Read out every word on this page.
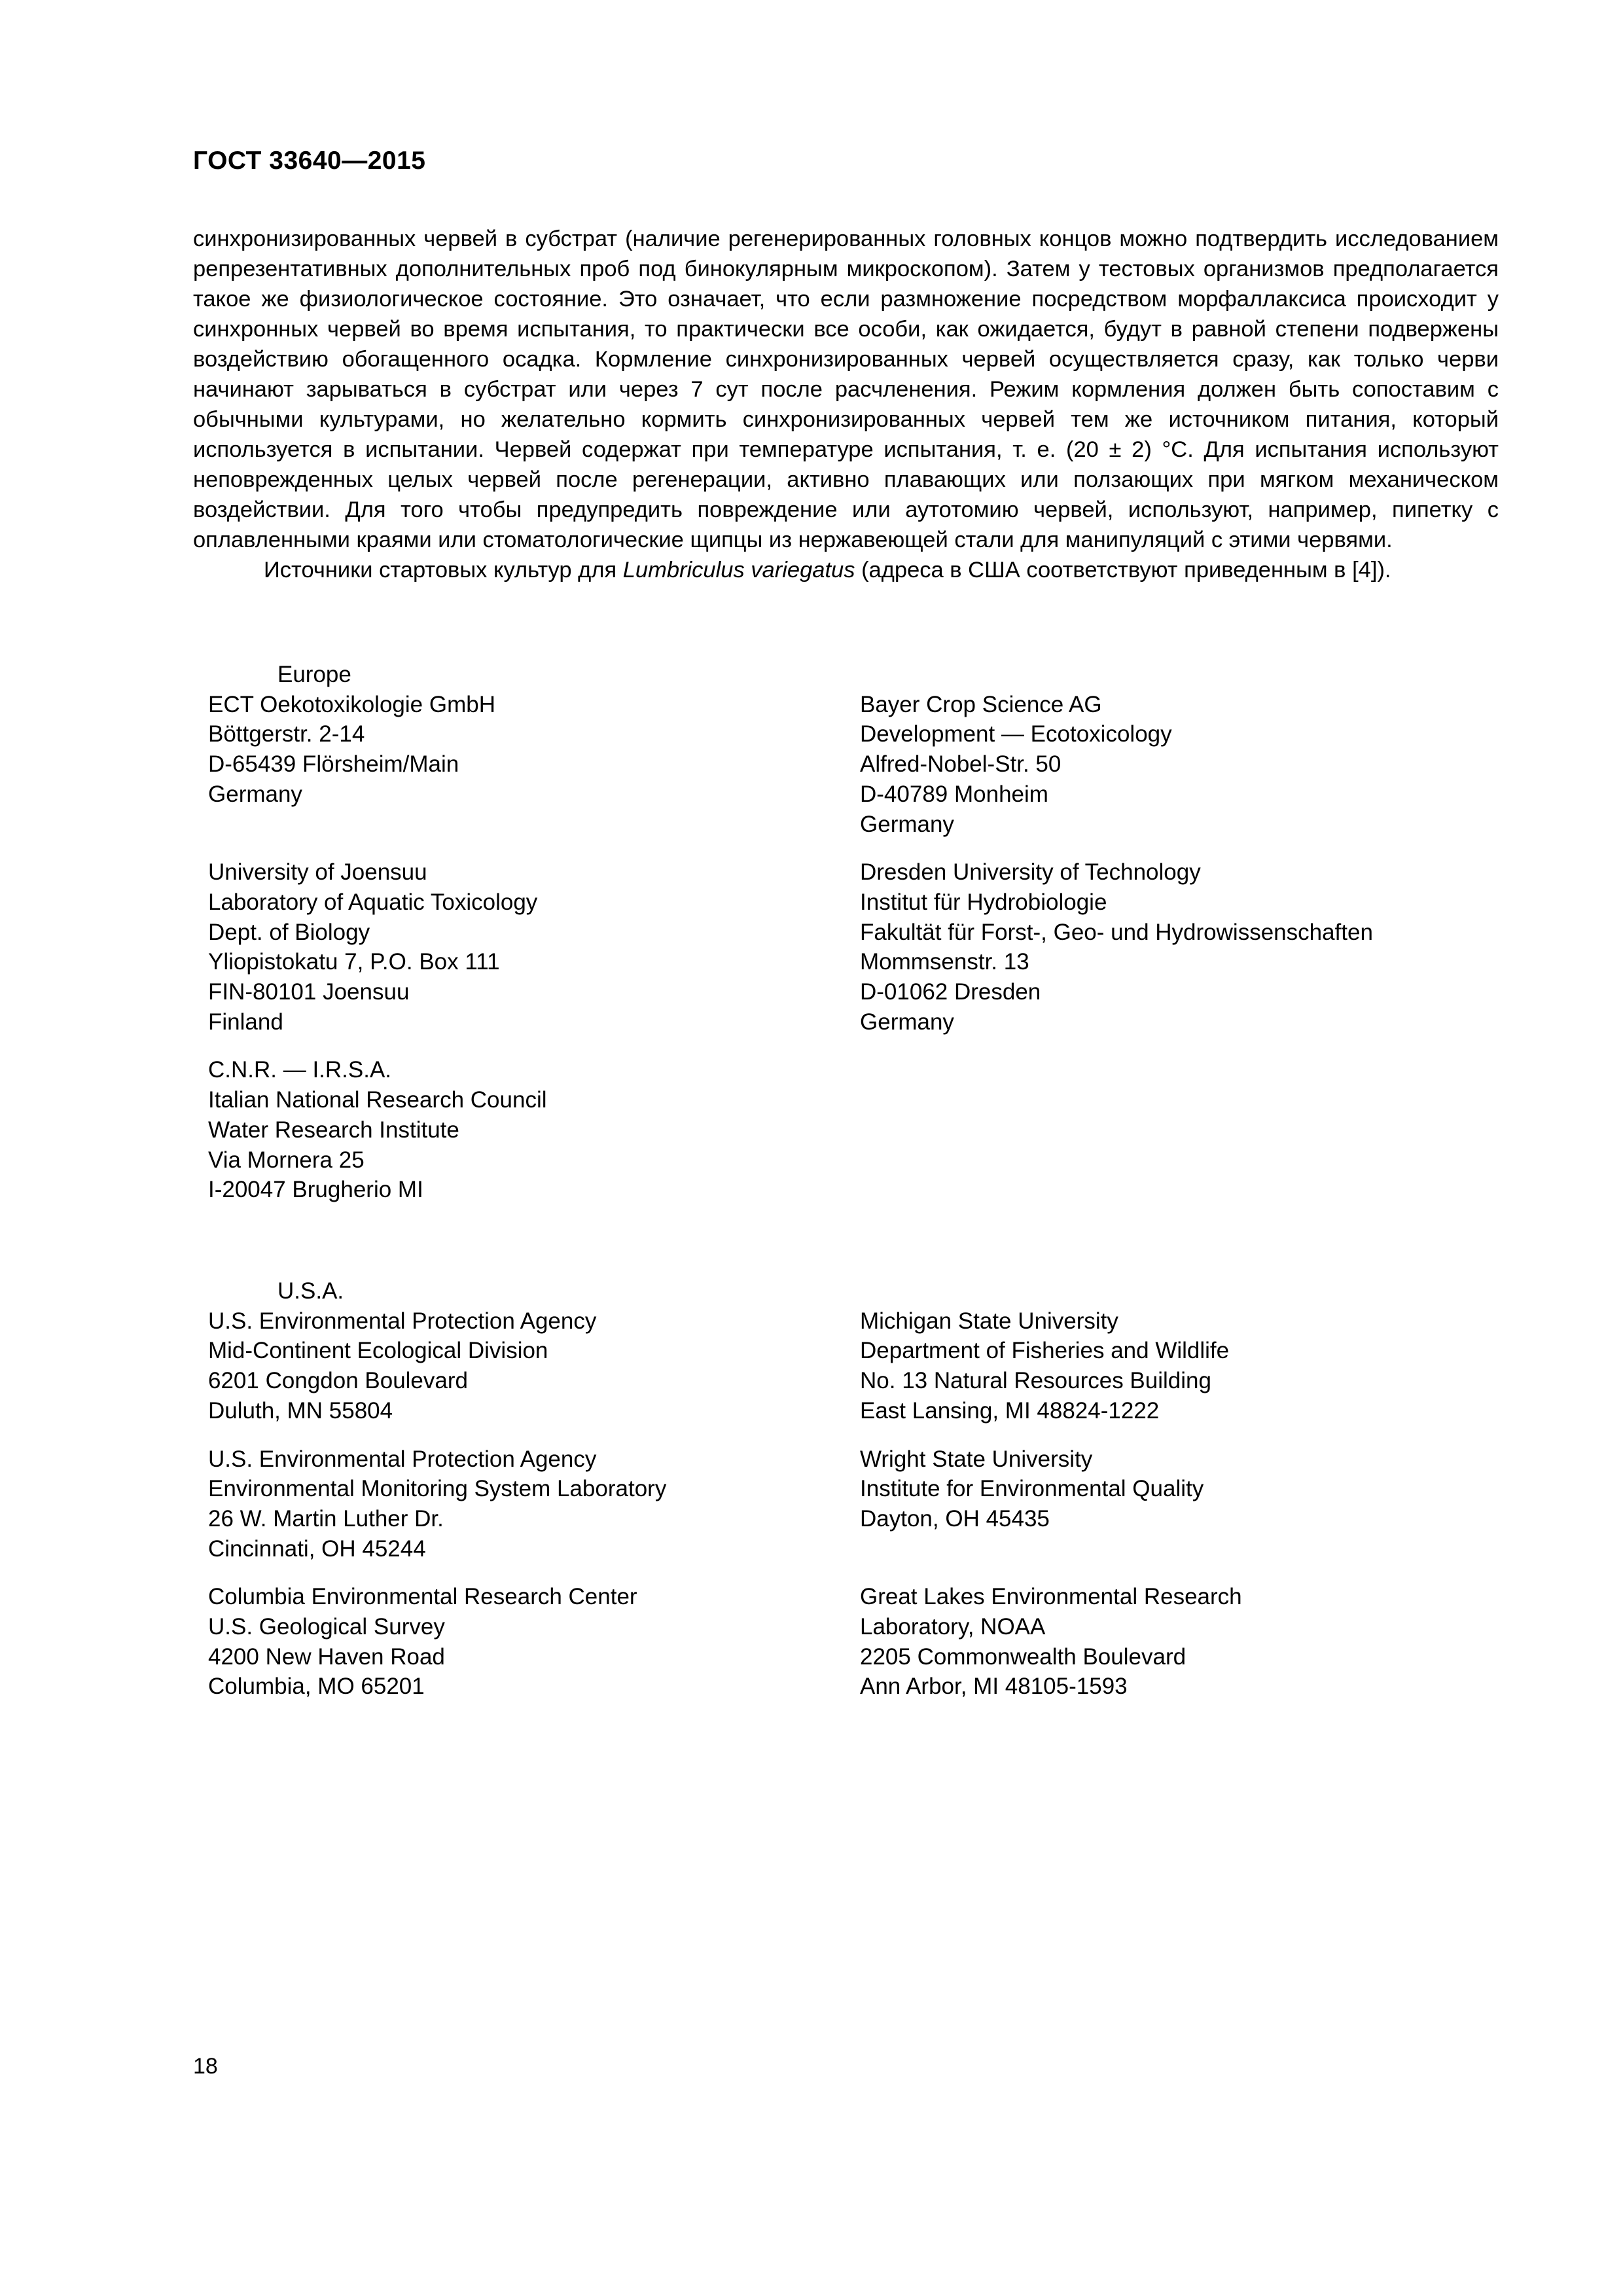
ГОСТ 33640—2015

синхронизированных червей в субстрат (наличие регенерированных головных концов можно подтвердить исследованием репрезентативных дополнительных проб под бинокулярным микроскопом). Затем у тестовых организмов предполагается такое же физиологическое состояние. Это означает, что если размножение посредством морфаллаксиса происходит у синхронных червей во время испытания, то практически все особи, как ожидается, будут в равной степени подвержены воздействию обогащенного осадка. Кормление синхронизированных червей осуществляется сразу, как только черви начинают зарываться в субстрат или через 7 сут после расчленения. Режим кормления должен быть сопоставим с обычными культурами, но желательно кормить синхронизированных червей тем же источником питания, который используется в испытании. Червей содержат при температуре испытания, т. е. (20 ± 2) °С. Для испытания используют неповрежденных целых червей после регенерации, активно плавающих или ползающих при мягком механическом воздействии. Для того чтобы предупредить повреждение или аутотомию червей, используют, например, пипетку с оплавленными краями или стоматологические щипцы из нержавеющей стали для манипуляций с этими червями.

Источники стартовых культур для Lumbriculus variegatus (адреса в США соответствуют приведенным в [4]).

Europe
ECT Oekotoxikologie GmbH
Böttgerstr. 2-14
D-65439 Flörsheim/Main
Germany
Bayer Crop Science AG
Development — Ecotoxicology
Alfred-Nobel-Str. 50
D-40789 Monheim
Germany
University of Joensuu
Laboratory of Aquatic Toxicology
Dept. of Biology
Yliopistokatu 7, P.O. Box 111
FIN-80101 Joensuu
Finland
Dresden University of Technology
Institut für Hydrobiologie
Fakultät für Forst-, Geo- und Hydrowissenschaften
Mommsenstr. 13
D-01062 Dresden
Germany
C.N.R. — I.R.S.A.
Italian National Research Council
Water Research Institute
Via Mornera 25
I-20047 Brugherio MI
U.S.A.
U.S. Environmental Protection Agency
Mid-Continent Ecological Division
6201 Congdon Boulevard
Duluth, MN 55804
Michigan State University
Department of Fisheries and Wildlife
No. 13 Natural Resources Building
East Lansing, MI 48824-1222
U.S. Environmental Protection Agency
Environmental Monitoring System Laboratory
26 W. Martin Luther Dr.
Cincinnati, OH 45244
Wright State University
Institute for Environmental Quality
Dayton, OH 45435
Columbia Environmental Research Center
U.S. Geological Survey
4200 New Haven Road
Columbia, MO 65201
Great Lakes Environmental Research
Laboratory, NOAA
2205 Commonwealth Boulevard
Ann Arbor, MI 48105-1593
18
